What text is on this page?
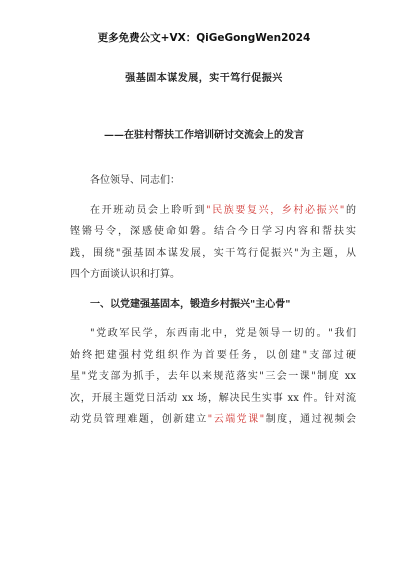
更多免费公文+VX：QiGeGongWen2024
强基固本谋发展，实干笃行促振兴
——在驻村帮扶工作培训研讨交流会上的发言

各位领导、同志们：

在开班动员会上聆听到"民族要复兴，乡村必振兴"的
铿锵号令，深感使命如磐。结合今日学习内容和帮扶实
践，围绕"强基固本谋发展，实干笃行促振兴"为主题，从
四个方面谈认识和打算。
一、以党建强基固本，锻造乡村振兴"主心骨"
"党政军民学，东西南北中，党是领导一切的。"我们
始终把建强村党组织作为首要任务，以创建"支部过硬
星"党支部为抓手，去年以来规范落实"三会一课"制度 xx
次，开展主题党日活动 xx 场，解决民生实事 xx 件。针对流
动党员管理难题，创新建立"云端党课"制度，通过视频会
